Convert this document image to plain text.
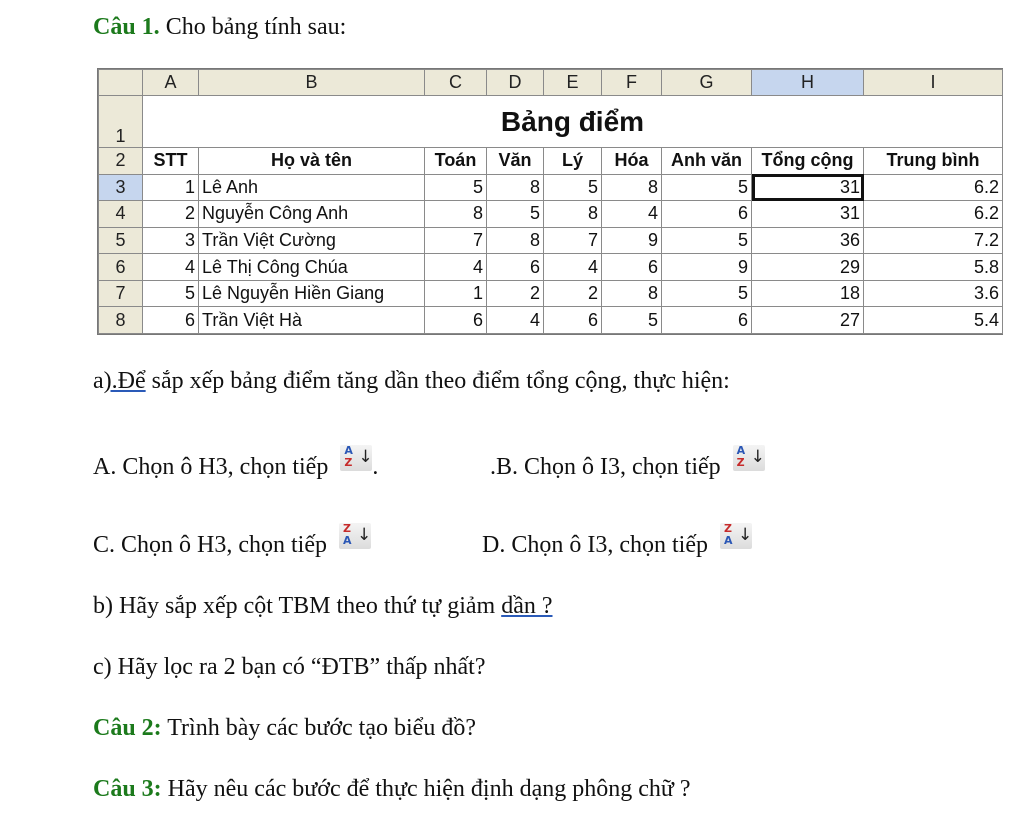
Câu 1. Cho bảng tính sau:
	A	B	C	D	E	F	G	H	I
1	Bảng điểm								
2	STT	Họ và tên	Toán	Văn	Lý	Hóa	Anh văn	Tổng cộng	Trung bình
3	1	Lê Anh	5	8	5	8	5	31	6.2
4	2	Nguyễn Công Anh	8	5	8	4	6	31	6.2
5	3	Trần Việt Cường	7	8	7	9	5	36	7.2
6	4	Lê Thị Công Chúa	4	6	4	6	9	29	5.8
7	5	Lê Nguyễn Hiền Giang	1	2	2	8	5	18	3.6
8	6	Trần Việt Hà	6	4	6	5	6	27	5.4
a).Để sắp xếp bảng điểm tăng dần theo điểm tổng cộng, thực hiện:
A. Chọn ô H3, chọn tiếp
A
Z ↓ .	.B. Chọn ô I3, chọn tiếp
A
Z ↓
C. Chọn ô H3, chọn tiếp
Z
A ↓	D. Chọn ô I3, chọn tiếp
Z
A ↓
b) Hãy sắp xếp cột TBM theo thứ tự giảm dần ?
c) Hãy lọc ra 2 bạn có “ĐTB” thấp nhất?
Câu 2: Trình bày các bước tạo biểu đồ?
Câu 3: Hãy nêu các bước để thực hiện định dạng phông chữ ?
